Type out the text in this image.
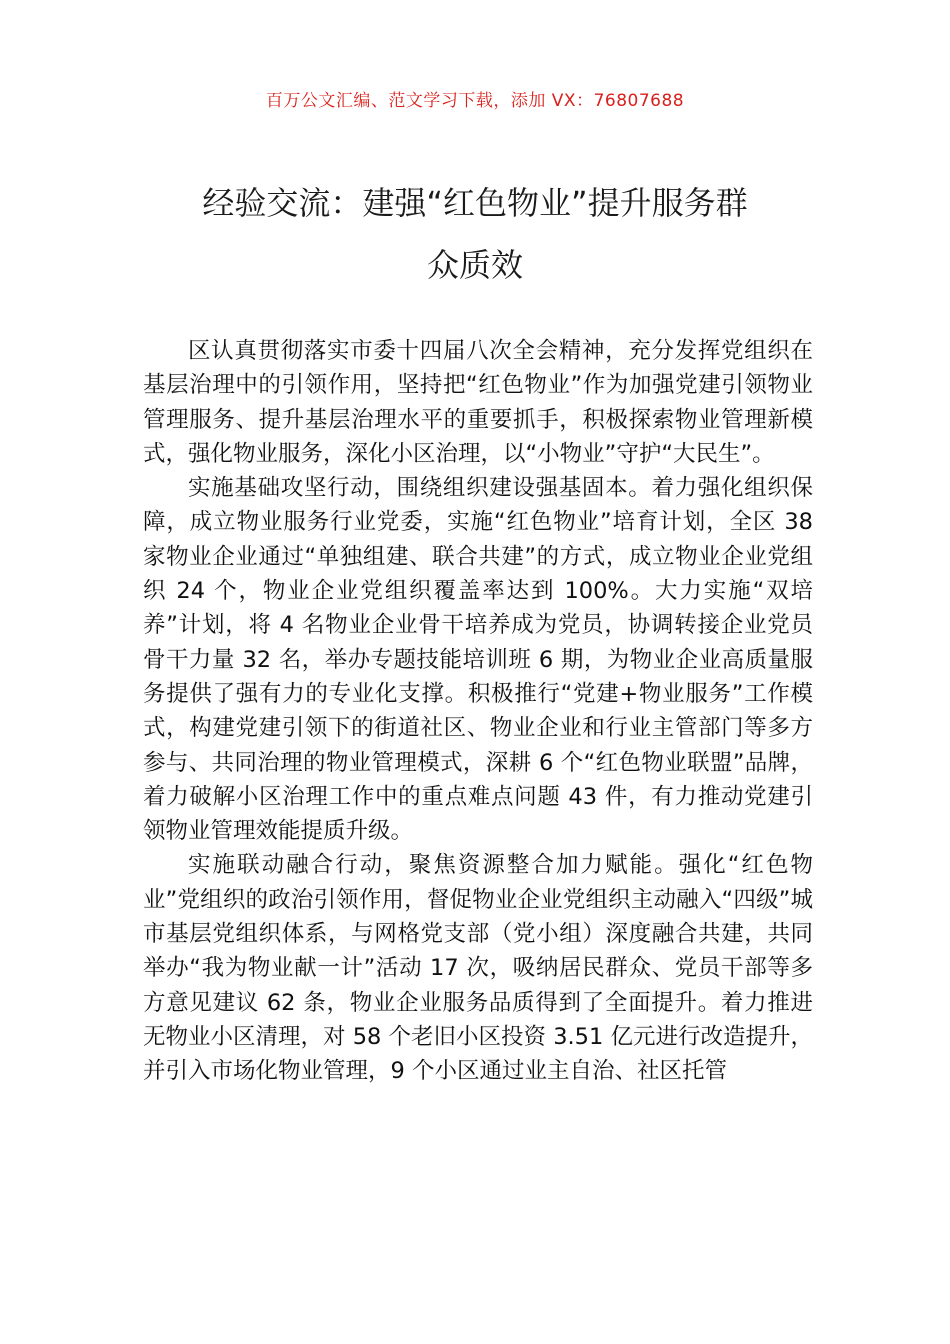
百万公文汇编、范文学习下载，添加 VX：76807688
经验交流：建强“红色物业”提升服务群
众质效

区认真贯彻落实市委十四届八次全会精神，充分发挥党组织在基层治理中的引领作用，坚持把“红色物业”作为加强党建引领物业管理服务、提升基层治理水平的重要抓手，积极探索物业管理新模式，强化物业服务，深化小区治理，以“小物业”守护“大民生”。

实施基础攻坚行动，围绕组织建设强基固本。着力强化组织保障，成立物业服务行业党委，实施“红色物业”培育计划，全区 38 家物业企业通过“单独组建、联合共建”的方式，成立物业企业党组织 24 个，物业企业党组织覆盖率达到 100%。大力实施“双培养”计划，将 4 名物业企业骨干培养成为党员，协调转接企业党员骨干力量 32 名，举办专题技能培训班 6 期，为物业企业高质量服务提供了强有力的专业化支撑。积极推行“党建+物业服务”工作模式，构建党建引领下的街道社区、物业企业和行业主管部门等多方参与、共同治理的物业管理模式，深耕 6 个“红色物业联盟”品牌，着力破解小区治理工作中的重点难点问题 43 件，有力推动党建引领物业管理效能提质升级。

实施联动融合行动，聚焦资源整合加力赋能。强化“红色物业”党组织的政治引领作用，督促物业企业党组织主动融入“四级”城市基层党组织体系，与网格党支部（党小组）深度融合共建，共同举办“我为物业献一计”活动 17 次，吸纳居民群众、党员干部等多方意见建议 62 条，物业企业服务品质得到了全面提升。着力推进无物业小区清理，对 58 个老旧小区投资 3.51 亿元进行改造提升，并引入市场化物业管理，9 个小区通过业主自治、社区托管
